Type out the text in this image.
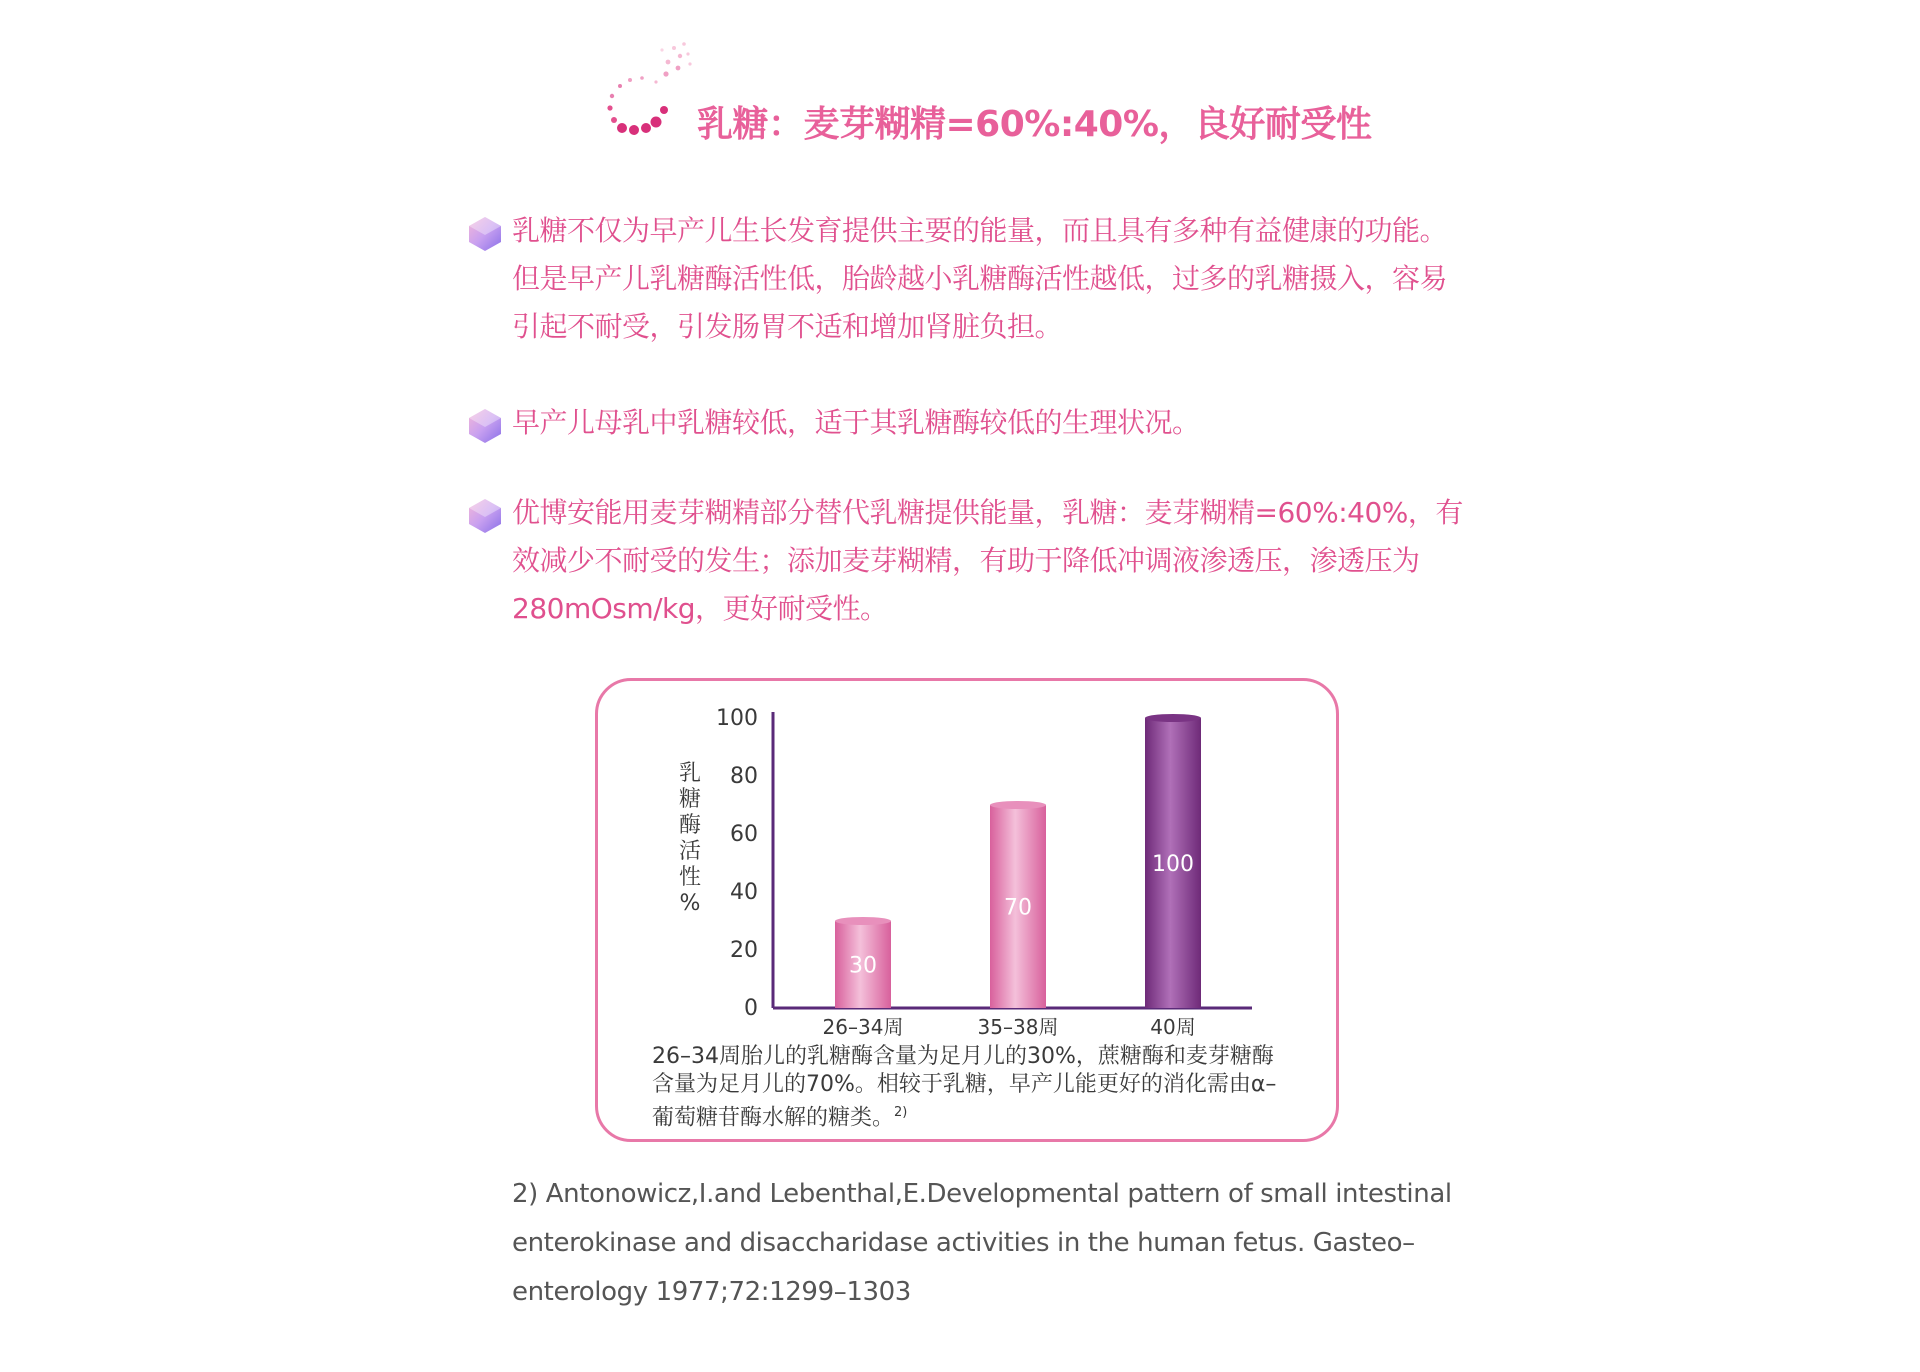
乳糖：麦芽糊精=60%:40%，良好耐受性
乳糖不仅为早产儿生长发育提供主要的能量，而且具有多种有益健康的功能。但是早产儿乳糖酶活性低，胎龄越小乳糖酶活性越低，过多的乳糖摄入，容易引起不耐受，引发肠胃不适和增加肾脏负担。
早产儿母乳中乳糖较低，适于其乳糖酶较低的生理状况。
优博安能用麦芽糊精部分替代乳糖提供能量，乳糖：麦芽糊精=60%:40%，有效减少不耐受的发生；添加麦芽糊精，有助于降低冲调液渗透压，渗透压为280mOsm/kg，更好耐受性。
乳
糖
酶
活
性
%
0
20
40
60
80
100
30
26–34周
70
35–38周
100
40周
26–34周胎儿的乳糖酶含量为足月儿的30%，蔗糖酶和麦芽糖酶含量为足月儿的70%。相较于乳糖，早产儿能更好的消化需由α–葡萄糖苷酶水解的糖类。$^{2)}$
2) Antonowicz,I.and Lebenthal,E.Developmental pattern of small intestinal enterokinase and disaccharidase activities in the human fetus. Gasteo–enterology 1977;72:1299–1303
